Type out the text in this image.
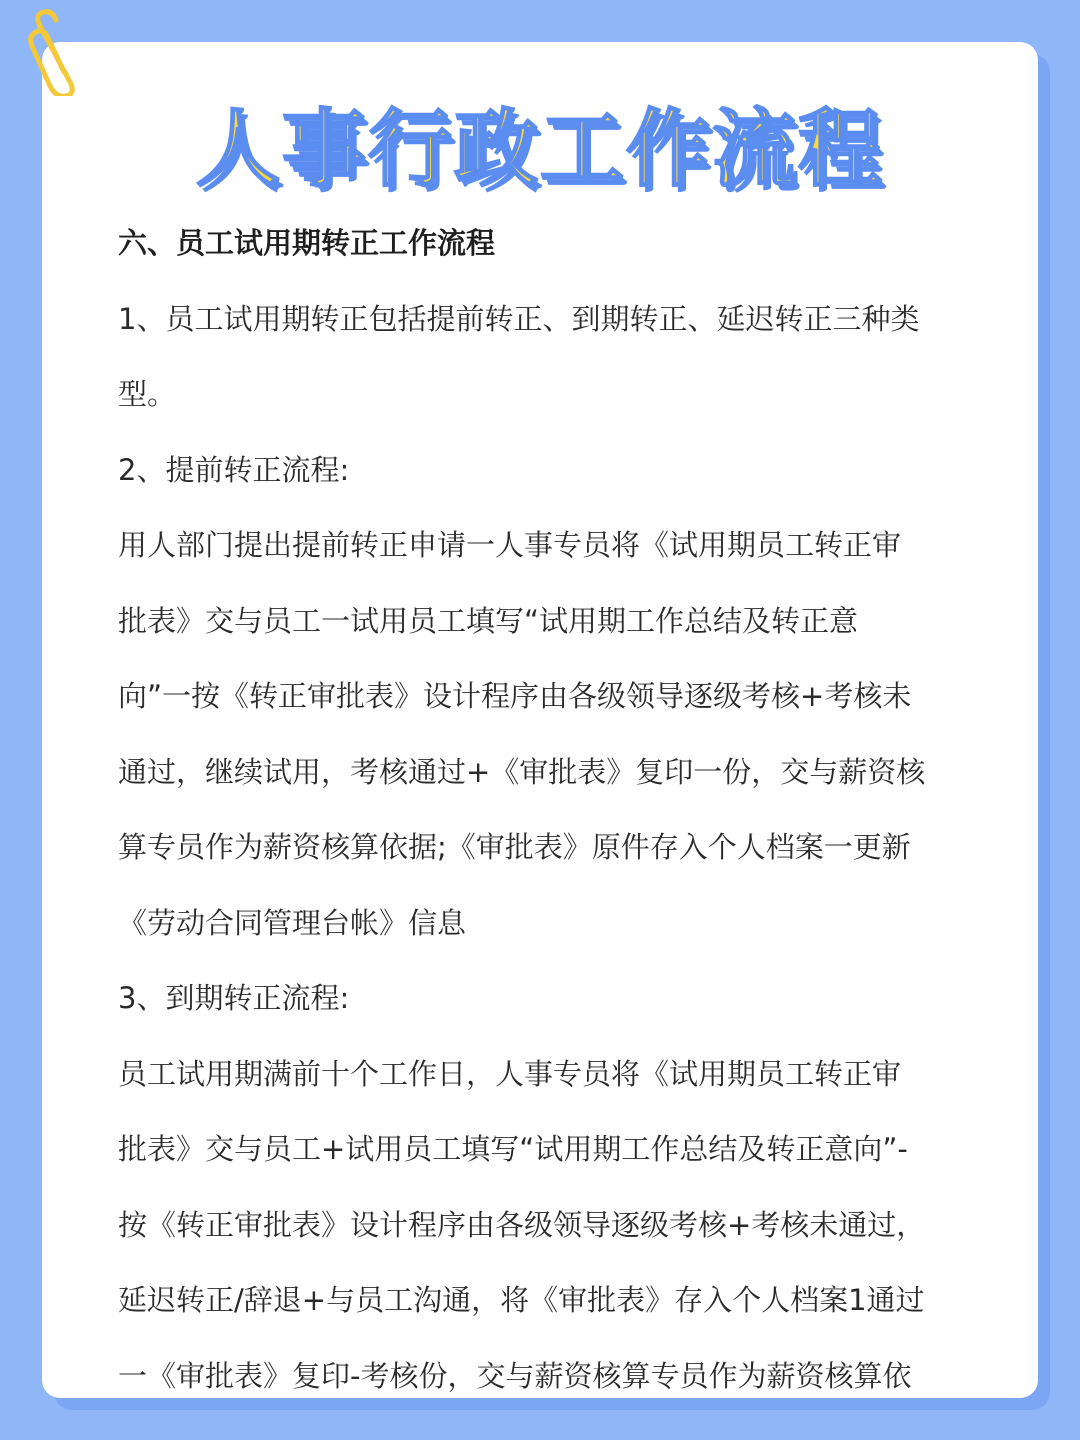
人事行政工作流程
六、员工试用期转正工作流程
1、员工试用期转正包括提前转正、到期转正、延迟转正三种类
型。
2、提前转正流程:
用人部门提出提前转正申请一人事专员将《试用期员工转正审
批表》交与员工一试用员工填写“试用期工作总结及转正意
向”一按《转正审批表》设计程序由各级领导逐级考核+考核未
通过，继续试用，考核通过+《审批表》复印一份，交与薪资核
算专员作为薪资核算依据;《审批表》原件存入个人档案一更新
《劳动合同管理台帐》信息
3、到期转正流程:
员工试用期满前十个工作日，人事专员将《试用期员工转正审
批表》交与员工+试用员工填写“试用期工作总结及转正意向”-
按《转正审批表》设计程序由各级领导逐级考核+考核未通过，
延迟转正/辞退+与员工沟通，将《审批表》存入个人档案1通过
一《审批表》复印-考核份，交与薪资核算专员作为薪资核算依
